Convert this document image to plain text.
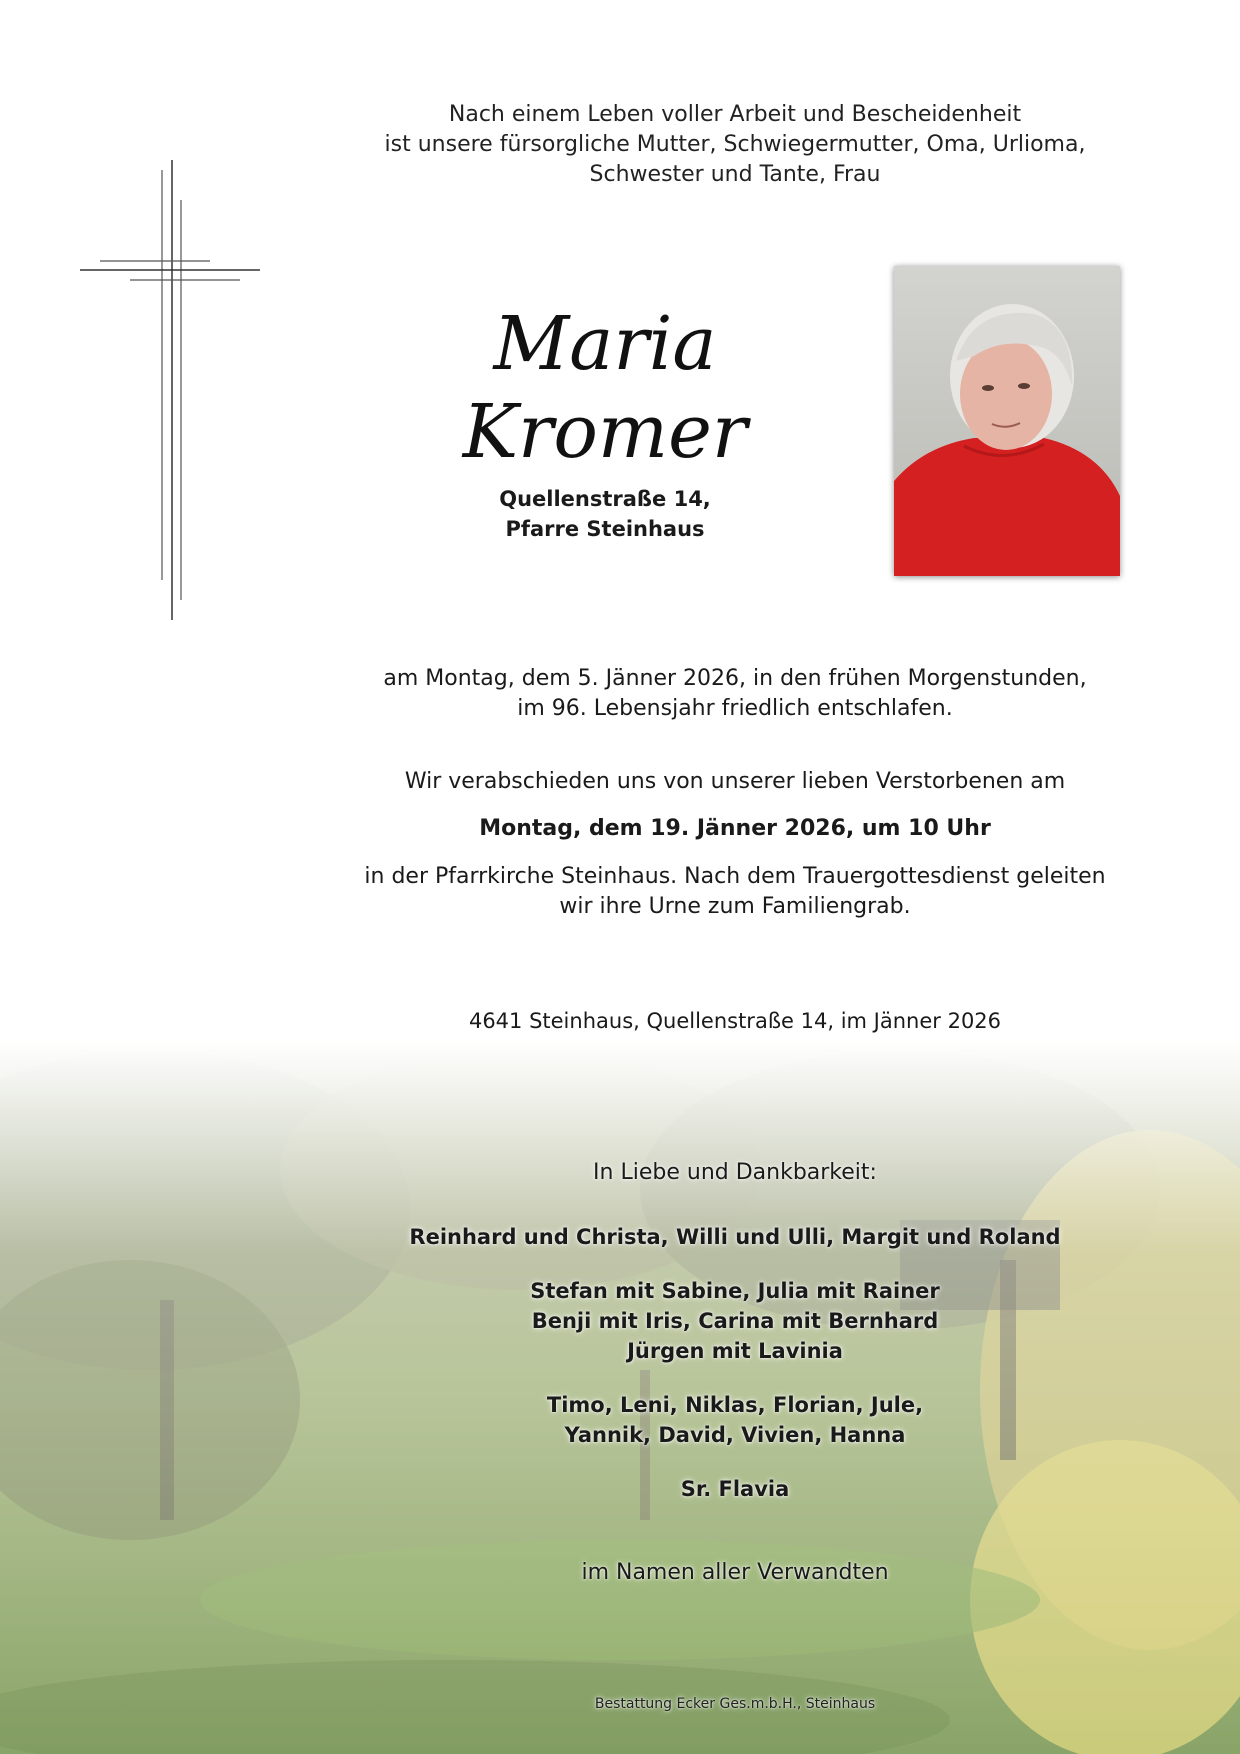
Nach einem Leben voller Arbeit und Bescheidenheit
ist unsere fürsorgliche Mutter, Schwiegermutter, Oma, Urlioma,
Schwester und Tante, Frau
Maria
Kromer
Quellenstraße 14,
Pfarre Steinhaus
am Montag, dem 5. Jänner 2026, in den frühen Morgenstunden,
im 96. Lebensjahr friedlich entschlafen.
Wir verabschieden uns von unserer lieben Verstorbenen am
Montag, dem 19. Jänner 2026, um 10 Uhr
in der Pfarrkirche Steinhaus. Nach dem Trauergottesdienst geleiten
wir ihre Urne zum Familiengrab.
4641 Steinhaus, Quellenstraße 14, im Jänner 2026
In Liebe und Dankbarkeit:
Reinhard und Christa, Willi und Ulli, Margit und Roland
Stefan mit Sabine, Julia mit Rainer
Benji mit Iris, Carina mit Bernhard
Jürgen mit Lavinia
Timo, Leni, Niklas, Florian, Jule,
Yannik, David, Vivien, Hanna
Sr. Flavia
im Namen aller Verwandten
Bestattung Ecker Ges.m.b.H., Steinhaus
